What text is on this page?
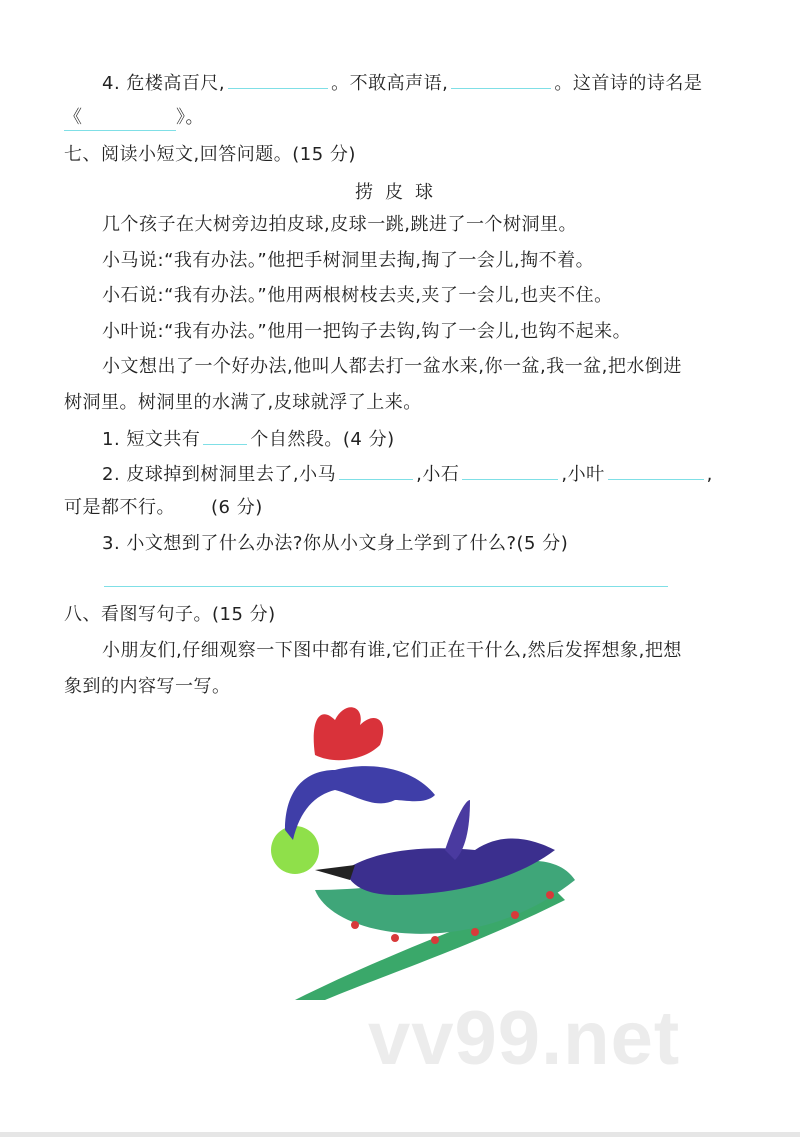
4. 危楼高百尺,	。不敢高声语,	。这首诗的诗名是
《	》。
七、阅读小短文,回答问题。(15 分)
捞皮球
几个孩子在大树旁边拍皮球,皮球一跳,跳进了一个树洞里。
小马说:“我有办法。”他把手树洞里去掏,掏了一会儿,掏不着。
小石说:“我有办法。”他用两根树枝去夹,夹了一会儿,也夹不住。
小叶说:“我有办法。”他用一把钩子去钩,钩了一会儿,也钩不起来。
小文想出了一个好办法,他叫人都去打一盆水来,你一盆,我一盆,把水倒进
树洞里。树洞里的水满了,皮球就浮了上来。
1. 短文共有	个自然段。(4 分)
2. 皮球掉到树洞里去了,小马	,小石	,小叶	,
可是都不行。 (6 分)
3. 小文想到了什么办法?你从小文身上学到了什么?(5 分)
八、看图写句子。(15 分)
小朋友们,仔细观察一下图中都有谁,它们正在干什么,然后发挥想象,把想
象到的内容写一写。
vv99.net
